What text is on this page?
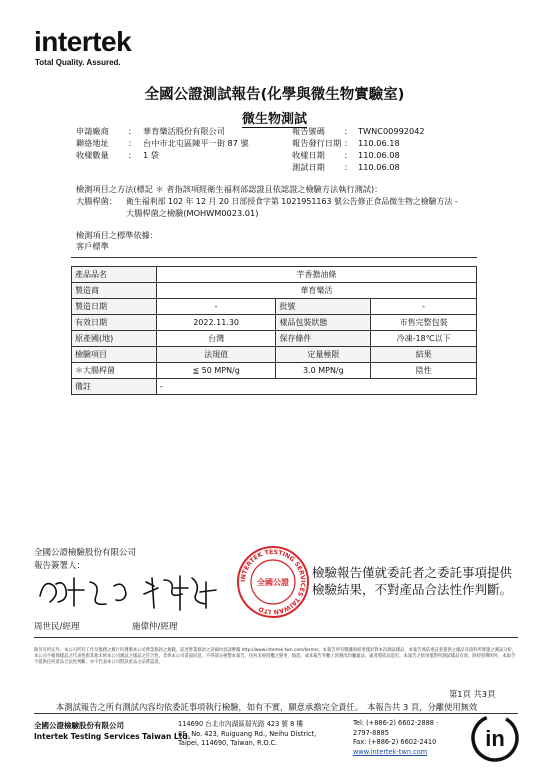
intertek
Total Quality. Assured.
全國公證測試報告(化學與微生物實驗室)
微生物測試
申請廠商 ： 華育樂活股份有限公司
聯絡地址 ： 台中市北屯區陳平一街 87 號
收樣數量 ： 1 袋
報告號碼 ： TWNC00992042
報告發行日期 ： 110.06.18
收樣日期 ： 110.06.08
測試日期 ： 110.06.08
檢測項目之方法(標記 ＊ 者指該項經衛生福利部認證且依認證之檢驗方法執行測試)：
大腸桿菌： 衛生福利部 102 年 12 月 20 日部授食字第 1021951163 號公告修正食品微生物之檢驗方法 -
大腸桿菌之檢驗(MOHWM0023.01)
檢測項目之標準依據：
客戶標準
產品品名	芋香擔油條		
製造商	華育樂活		
製造日期	-	批號	-
有效日期	2022.11.30	樣品包裝狀態	市售完整包裝
原產國(地)	台灣	保存條件	冷凍-18℃以下
檢驗項目	法規值	定量極限	結果
＊大腸桿菌	≦ 50 MPN/g	3.0 MPN/g	陰性
備註	-		
全國公證檢驗股份有限公司
報告簽署人：
INTERTEK TESTING SERVICES TAIWAN LTD
全國公證
檢驗報告僅就委託者之委託事項提供
檢驗結果，不對產品合法性作判斷。
周世民/經理	施偉仲/經理
除另有約定外，本公司所有工作及服務之履行均遵循本公司營業條款之規範，前述營業條款之詳細內容請參閱 http://www.intertek-twn.com/terms/。本報告所有數據與結果僅針對本次測試樣品，本報告係依委託者提供之樣品及資料所實施之測試分析，本公司不擔保樣品之代表性與其他未經本公司測試之樣品之符合性。非經本公司書面同意，不得部分複製本報告。任何未經授權之變更、偽造、或本報告外觀上的篡改均屬違法，違者將依法追究。本報告之結果僅對所測試樣品有效，除特別聲明外，本報告不提供任何產品合法性判斷，亦不代表本公司對該產品之品質認證。
第1頁 共3頁
本測試報告之所有測試內容均依委託事項執行檢驗，如有不實，願意承擔完全責任。　本報告共 3 頁，分離使用無效
全國公證檢驗股份有限公司
Intertek Testing Services Taiwan Ltd.
114690 台北市內湖區瑞光路 423 號 8 樓
8F., No. 423, Ruiguang Rd., Neihu District,
Taipei, 114690, Taiwan, R.O.C.
Tel: (+886-2) 6602-2888 · 2797-8885
Fax: (+886-2) 6602-2410
www.intertek-twn.com
in
